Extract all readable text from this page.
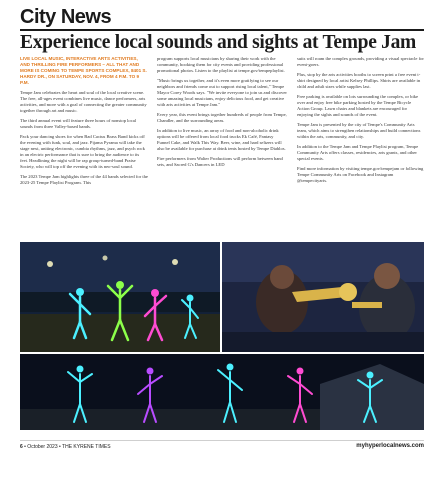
City News
Experience local sounds and sights at Tempe Jam

LIVE LOCAL MUSIC, INTERACTIVE ARTS ACTIVITIES, AND THRILLING FIRE PERFORMERS – ALL THAT AND MORE IS COMING TO TEMPE SPORTS COMPLEX, 8401 S. HARDY DR., ON SATURDAY, NOV. 4, FROM 4 P.M. TO 9 P.M.

Tempe Jam celebrates the heart and soul of the local creative scene. The free, all-ages event combines live music, dance performers, arts activities, and more with a goal of connecting the greater community together through art and music.

The third annual event will feature three hours of nonstop local sounds from three Valley-based bands.

Pack your dancing shoes for when Bad Cactus Brass Band kicks off the evening with funk, soul, and jazz. Pijama Pyrama will take the stage next, uniting electronic, cumbia rhythms, jazz, and psych rock in an electric performance that is sure to bring the audience to its feet. Headlining the night will be rap group-turned-band Praise Society, who will top off the evening with its neo-soul sound.

The 2023 Tempe Jam highlights three of the 44 bands selected for the 2023-25 Tempe Playlist Program. This

program supports local musicians by sharing their work with the community, booking them for city events and providing professional promotional photos. Listen to the playlist at tempe.gov/tempeplaylist.

"Music brings us together, and it's even more gratifying to see our neighbors and friends come out to support rising local talent," Tempe Mayor Corey Woods says. "We invite everyone to join us and discover some amazing local musicians, enjoy delicious food, and get creative with arts activities at Tempe Jam."

Every year, this event brings together hundreds of people from Tempe, Chandler, and the surrounding areas.

In addition to live music, an array of food and non-alcoholic drink options will be offered from local food trucks Ek Café, Fantasy Funnel Cake, and Walk This Way. Beer, wine, and hard seltzers will also be available for purchase at drink tents hosted by Tempe Diablos.

Fire performers from Walter Productions will perform between band sets, and Sacred G's Dancers in LED

suits will roam the complex grounds, providing a visual spectacle for event-goers.

Plus, stop by the arts activities booths to screen print a free event t-shirt designed by local artist Kelsey Phillips. Shirts are available in child and adult sizes while supplies last.

Free parking is available on lots surrounding the complex, or bike over and enjoy free bike parking hosted by the Tempe Bicycle Action Group. Lawn chairs and blankets are encouraged for enjoying the sights and sounds of the event.

Tempe Jam is presented by the city of Tempe's Community Arts team, which aims to strengthen relationships and build connections within the arts, community, and city.

In addition to the Tempe Jam and Tempe Playlist program, Tempe Community Arts offers classes, residencies, arts grants, and other special events.

Find more information by visiting tempe.gov/tempejam or following Tempe Community Arts on Facebook and Instagram @tempecityarts.

6 • October 2023 • THE KYRENE TIMES	myhyperlocalnews.com
